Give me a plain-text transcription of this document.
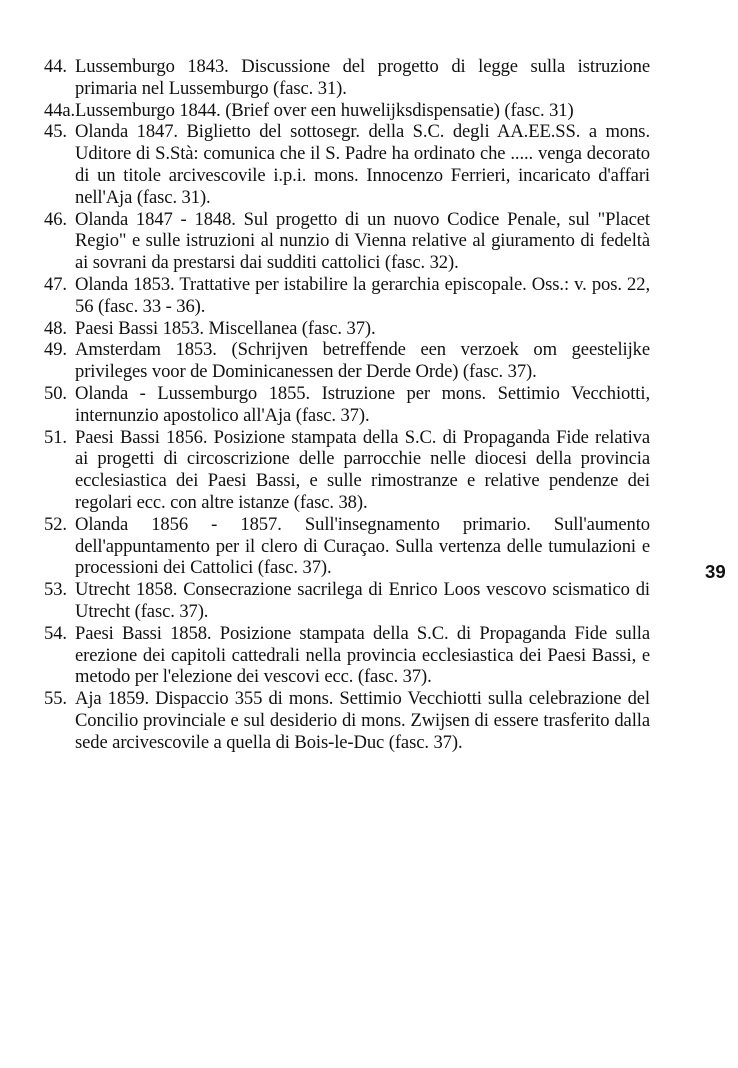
44. Lussemburgo 1843. Discussione del progetto di legge sulla istruzione primaria nel Lussemburgo (fasc. 31).
44a. Lussemburgo 1844. (Brief over een huwelijksdispensatie) (fasc. 31)
45. Olanda 1847. Biglietto del sottosegr. della S.C. degli AA.EE.SS. a mons. Uditore di S.Stà: comunica che il S. Padre ha ordinato che ..... venga decorato di un titole arcivescovile i.p.i. mons. Innocenzo Ferrieri, incaricato d'affari nell'Aja (fasc. 31).
46. Olanda 1847 - 1848. Sul progetto di un nuovo Codice Penale, sul "Placet Regio" e sulle istruzioni al nunzio di Vienna relative al giuramento di fedeltà ai sovrani da prestarsi dai sudditi cattolici (fasc. 32).
47. Olanda 1853. Trattative per istabilire la gerarchia episcopale. Oss.: v. pos. 22, 56 (fasc. 33 - 36).
48. Paesi Bassi 1853. Miscellanea (fasc. 37).
49. Amsterdam 1853. (Schrijven betreffende een verzoek om geestelijke privileges voor de Dominicanessen der Derde Orde) (fasc. 37).
50. Olanda - Lussemburgo 1855. Istruzione per mons. Settimio Vecchiotti, internunzio apostolico all'Aja (fasc. 37).
51. Paesi Bassi 1856. Posizione stampata della S.C. di Propaganda Fide relativa ai progetti di circoscrizione delle parrocchie nelle diocesi della provincia ecclesiastica dei Paesi Bassi, e sulle rimostranze e relative pendenze dei regolari ecc. con altre istanze (fasc. 38).
52. Olanda 1856 - 1857. Sull'insegnamento primario. Sull'aumento dell'appuntamento per il clero di Curaçao. Sulla vertenza delle tumulazioni e processioni dei Cattolici (fasc. 37).
53. Utrecht 1858. Consecrazione sacrilega di Enrico Loos vescovo scismatico di Utrecht (fasc. 37).
54. Paesi Bassi 1858. Posizione stampata della S.C. di Propaganda Fide sulla erezione dei capitoli cattedrali nella provincia ecclesiastica dei Paesi Bassi, e metodo per l'elezione dei vescovi ecc. (fasc. 37).
55. Aja 1859. Dispaccio 355 di mons. Settimio Vecchiotti sulla celebrazione del Concilio provinciale e sul desiderio di mons. Zwijsen di essere trasferito dalla sede arcivescovile a quella di Bois-le-Duc (fasc. 37).
39
